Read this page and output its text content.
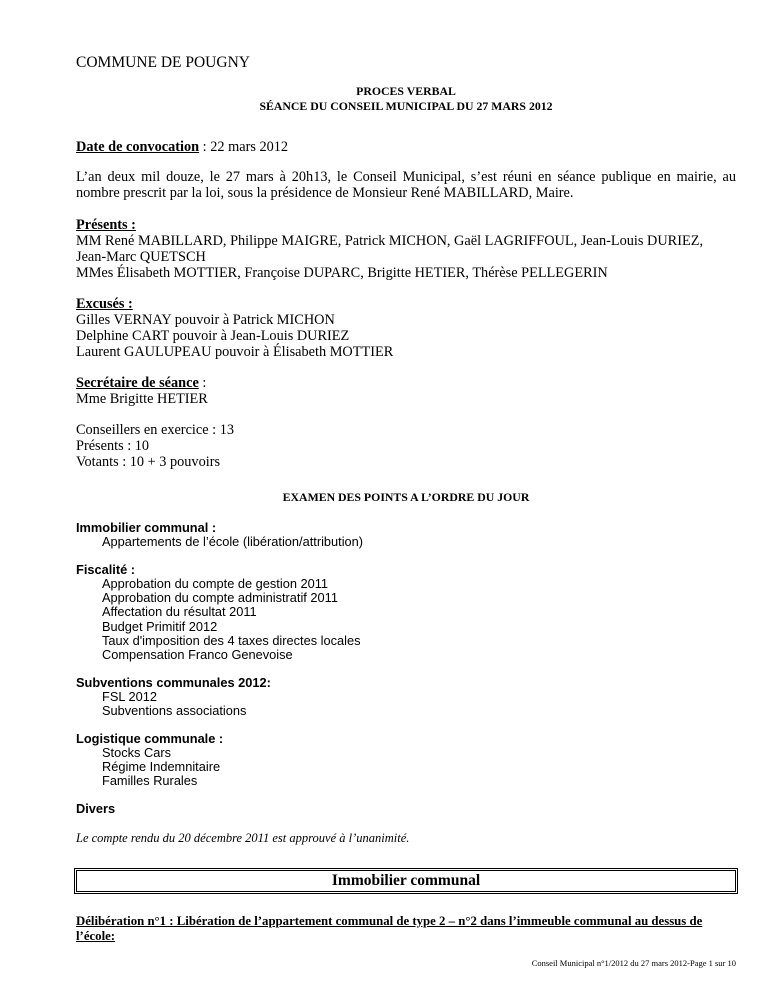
COMMUNE DE POUGNY

PROCES VERBAL
SÉANCE DU CONSEIL MUNICIPAL DU 27 MARS 2012
Date de convocation : 22 mars 2012
L’an deux mil douze, le 27 mars à 20h13, le Conseil Municipal, s’est réuni en séance publique en mairie, au nombre prescrit par la loi, sous la présidence de Monsieur René MABILLARD, Maire.
Présents :
MM René MABILLARD, Philippe MAIGRE, Patrick MICHON, Gaël LAGRIFFOUL, Jean-Louis DURIEZ, Jean-Marc QUETSCH
MMes Élisabeth MOTTIER, Françoise DUPARC, Brigitte HETIER, Thérèse PELLEGERIN
Excusés :
Gilles VERNAY pouvoir à Patrick MICHON
Delphine CART pouvoir à Jean-Louis DURIEZ
Laurent GAULUPEAU pouvoir à Élisabeth MOTTIER
Secrétaire de séance :
Mme Brigitte HETIER
Conseillers en exercice : 13
Présents : 10
Votants : 10 + 3 pouvoirs
EXAMEN DES POINTS A L’ORDRE DU JOUR
Immobilier communal :
Appartements de l’école (libération/attribution)
Fiscalité :
Approbation du compte de gestion 2011
Approbation du compte administratif 2011
Affectation du résultat 2011
Budget Primitif 2012
Taux d'imposition des 4 taxes directes locales
Compensation Franco Genevoise
Subventions communales 2012:
FSL 2012
Subventions associations
Logistique communale :
Stocks Cars
Régime Indemnitaire
Familles Rurales
Divers
Le compte rendu du 20 décembre 2011 est approuvé à l’unanimité.
Immobilier communal
Délibération n°1 : Libération de l’appartement communal de type 2 – n°2 dans l’immeuble communal au dessus de l’école:
Conseil Municipal n°1/2012 du 27 mars 2012-Page 1 sur 10
